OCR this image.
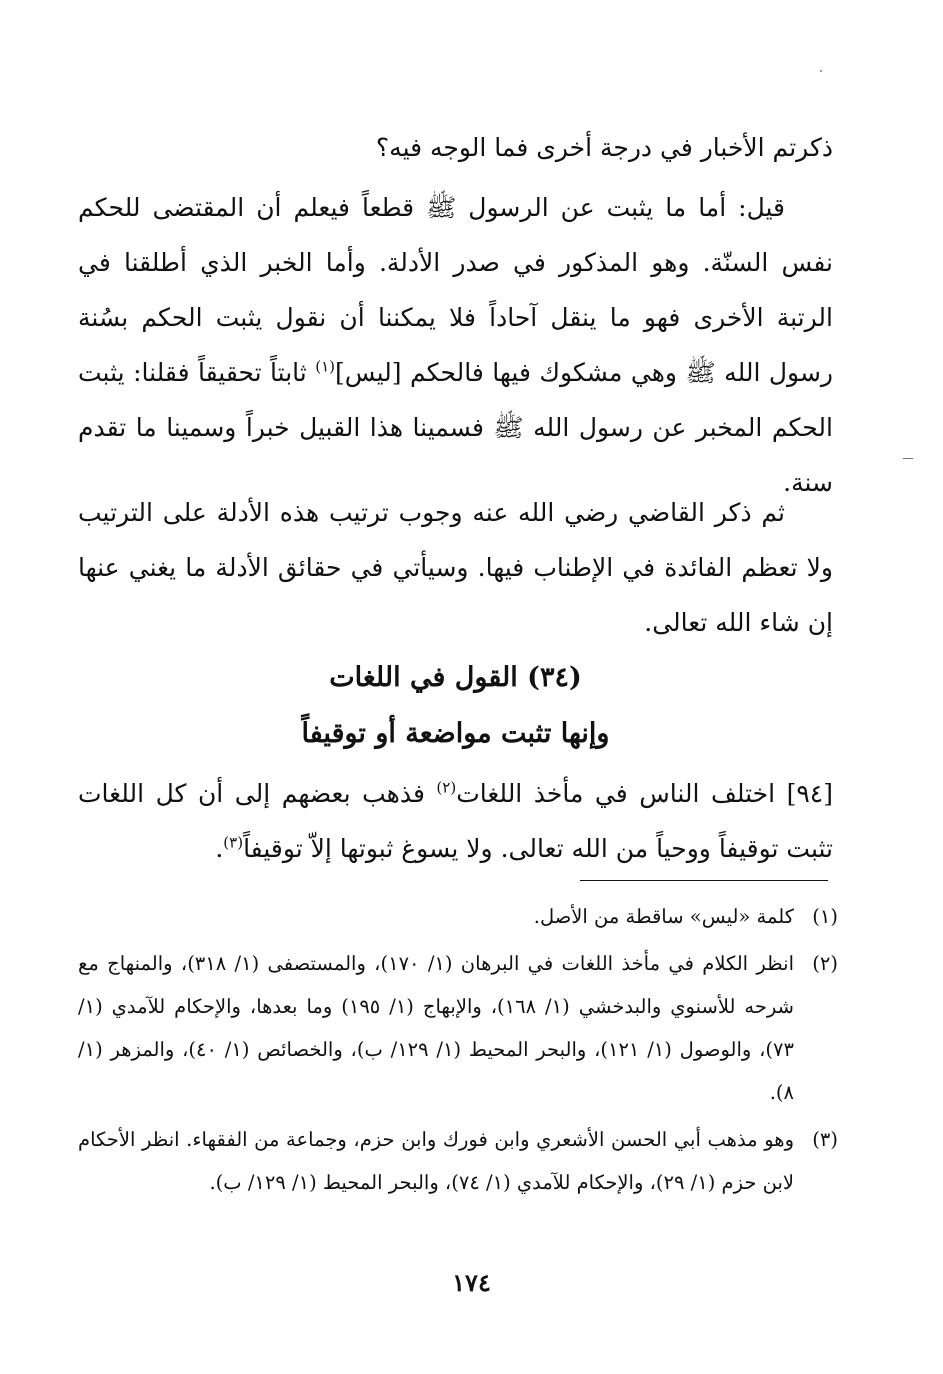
ذكرتم الأخبار في درجة أخرى فما الوجه فيه؟
قيل: أما ما يثبت عن الرسول ﷺ قطعاً فيعلم أن المقتضى للحكم نفس السنّة. وهو المذكور في صدر الأدلة. وأما الخبر الذي أطلقنا في الرتبة الأخرى فهو ما ينقل آحاداً فلا يمكننا أن نقول يثبت الحكم بسُنة رسول الله ﷺ وهي مشكوك فيها فالحكم [ليس]$^{(١)}$ ثابتاً تحقيقاً فقلنا: يثبت الحكم المخبر عن رسول الله ﷺ فسمينا هذا القبيل خبراً وسمينا ما تقدم سنة.
ثم ذكر القاضي رضي الله عنه وجوب ترتيب هذه الأدلة على الترتيب ولا تعظم الفائدة في الإطناب فيها. وسيأتي في حقائق الأدلة ما يغني عنها إن شاء الله تعالى.
(٣٤) القول في اللغات
وإنها تثبت مواضعة أو توقيفاً
[٩٤] اختلف الناس في مأخذ اللغات$^{(٢)}$ فذهب بعضهم إلى أن كل اللغات تثبت توقيفاً ووحياً من الله تعالى. ولا يسوغ ثبوتها إلاّ توقيفاً$^{(٣)}$.
(١)
كلمة «ليس» ساقطة من الأصل.
(٢)
انظر الكلام في مأخذ اللغات في البرهان (١/ ١٧٠)، والمستصفى (١/ ٣١٨)، والمنهاج مع شرحه للأسنوي والبدخشي (١/ ١٦٨)، والإبهاج (١/ ١٩٥) وما بعدها، والإحكام للآمدي (١/ ٧٣)، والوصول (١/ ١٢١)، والبحر المحيط (١/ ١٢٩/ ب)، والخصائص (١/ ٤٠)، والمزهر (١/ ٨).
(٣)
وهو مذهب أبي الحسن الأشعري وابن فورك وابن حزم، وجماعة من الفقهاء. انظر الأحكام لابن حزم (١/ ٢٩)، والإحكام للآمدي (١/ ٧٤)، والبحر المحيط (١/ ١٢٩/ ب).
١٧٤
